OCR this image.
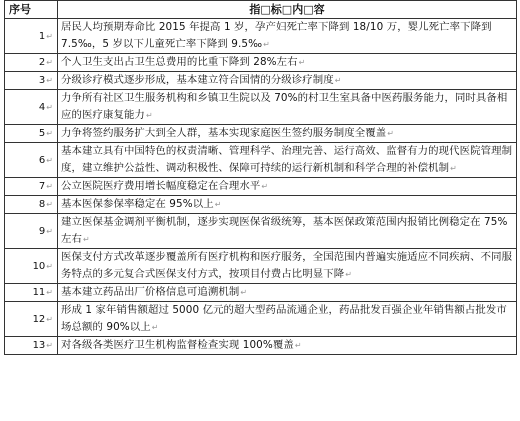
序号	指□标□内□容
1↵	居民人均预期寿命比 2015 年提高 1 岁，孕产妇死亡率下降到 18/10 万，婴儿死亡率下降到 7.5‰，5 岁以下儿童死亡率下降到 9.5‰↵
2↵	个人卫生支出占卫生总费用的比重下降到 28%左右↵
3↵	分级诊疗模式逐步形成，基本建立符合国情的分级诊疗制度↵
4↵	力争所有社区卫生服务机构和乡镇卫生院以及 70%的村卫生室具备中医药服务能力，同时具备相应的医疗康复能力↵
5↵	力争将签约服务扩大到全人群，基本实现家庭医生签约服务制度全覆盖↵
6↵	基本建立具有中国特色的权责清晰、管理科学、治理完善、运行高效、监督有力的现代医院管理制度，建立维护公益性、调动积极性、保障可持续的运行新机制和科学合理的补偿机制↵
7↵	公立医院医疗费用增长幅度稳定在合理水平↵
8↵	基本医保参保率稳定在 95%以上↵
9↵	建立医保基金调剂平衡机制，逐步实现医保省级统筹，基本医保政策范围内报销比例稳定在 75%左右↵
10↵	医保支付方式改革逐步覆盖所有医疗机构和医疗服务，全国范围内普遍实施适应不同疾病、不同服务特点的多元复合式医保支付方式，按项目付费占比明显下降↵
11↵	基本建立药品出厂价格信息可追溯机制↵
12↵	形成 1 家年销售额超过 5000 亿元的超大型药品流通企业，药品批发百强企业年销售额占批发市场总额的 90%以上↵
13↵	对各级各类医疗卫生机构监督检查实现 100%覆盖↵
